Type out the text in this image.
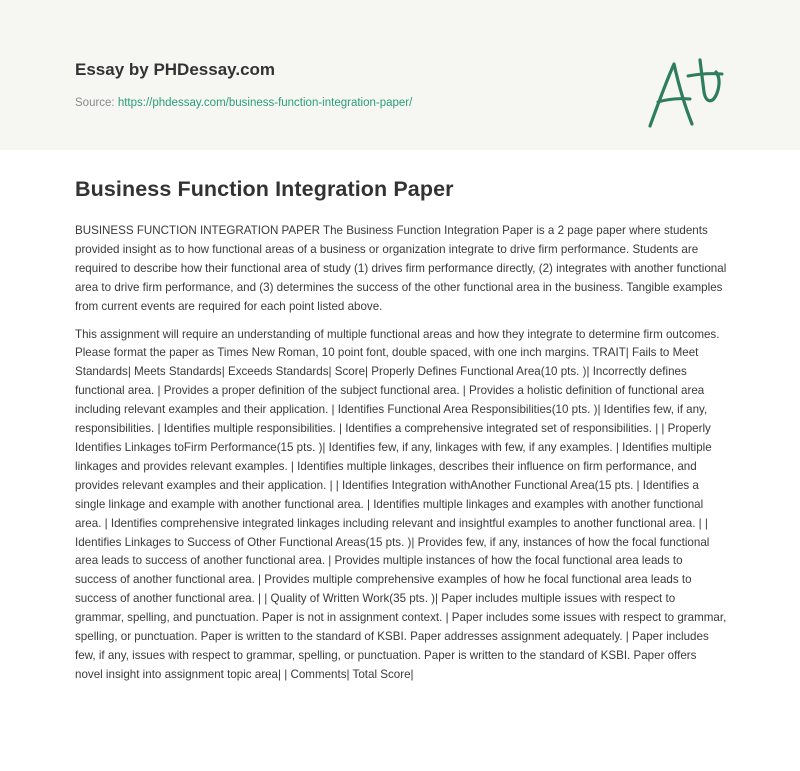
Essay by PHDessay.com
Source: https://phdessay.com/business-function-integration-paper/
Business Function Integration Paper

BUSINESS FUNCTION INTEGRATION PAPER The Business Function Integration Paper is a 2 page paper where students provided insight as to how functional areas of a business or organization integrate to drive firm performance. Students are required to describe how their functional area of study (1) drives firm performance directly, (2) integrates with another functional area to drive firm performance, and (3) determines the success of the other functional area in the business. Tangible examples from current events are required for each point listed above.

This assignment will require an understanding of multiple functional areas and how they integrate to determine firm outcomes. Please format the paper as Times New Roman, 10 point font, double spaced, with one inch margins. TRAIT| Fails to Meet Standards| Meets Standards| Exceeds Standards| Score| Properly Defines Functional Area(10 pts. )| Incorrectly defines functional area. | Provides a proper definition of the subject functional area. | Provides a holistic definition of functional area including relevant examples and their application. | Identifies Functional Area Responsibilities(10 pts. )| Identifies few, if any, responsibilities. | Identifies multiple responsibilities. | Identifies a comprehensive integrated set of responsibilities. | | Properly Identifies Linkages toFirm Performance(15 pts. )| Identifies few, if any, linkages with few, if any examples. | Identifies multiple linkages and provides relevant examples. | Identifies multiple linkages, describes their influence on firm performance, and provides relevant examples and their application. | | Identifies Integration withAnother Functional Area(15 pts. | Identifies a single linkage and example with another functional area. | Identifies multiple linkages and examples with another functional area. | Identifies comprehensive integrated linkages including relevant and insightful examples to another functional area. | | Identifies Linkages to Success of Other Functional Areas(15 pts. )| Provides few, if any, instances of how the focal functional area leads to success of another functional area. | Provides multiple instances of how the focal functional area leads to success of another functional area. | Provides multiple comprehensive examples of how he focal functional area leads to success of another functional area. | | Quality of Written Work(35 pts. )| Paper includes multiple issues with respect to grammar, spelling, and punctuation. Paper is not in assignment context. | Paper includes some issues with respect to grammar, spelling, or punctuation. Paper is written to the standard of KSBI. Paper addresses assignment adequately. | Paper includes few, if any, issues with respect to grammar, spelling, or punctuation. Paper is written to the standard of KSBI. Paper offers novel insight into assignment topic area| | Comments| Total Score|
